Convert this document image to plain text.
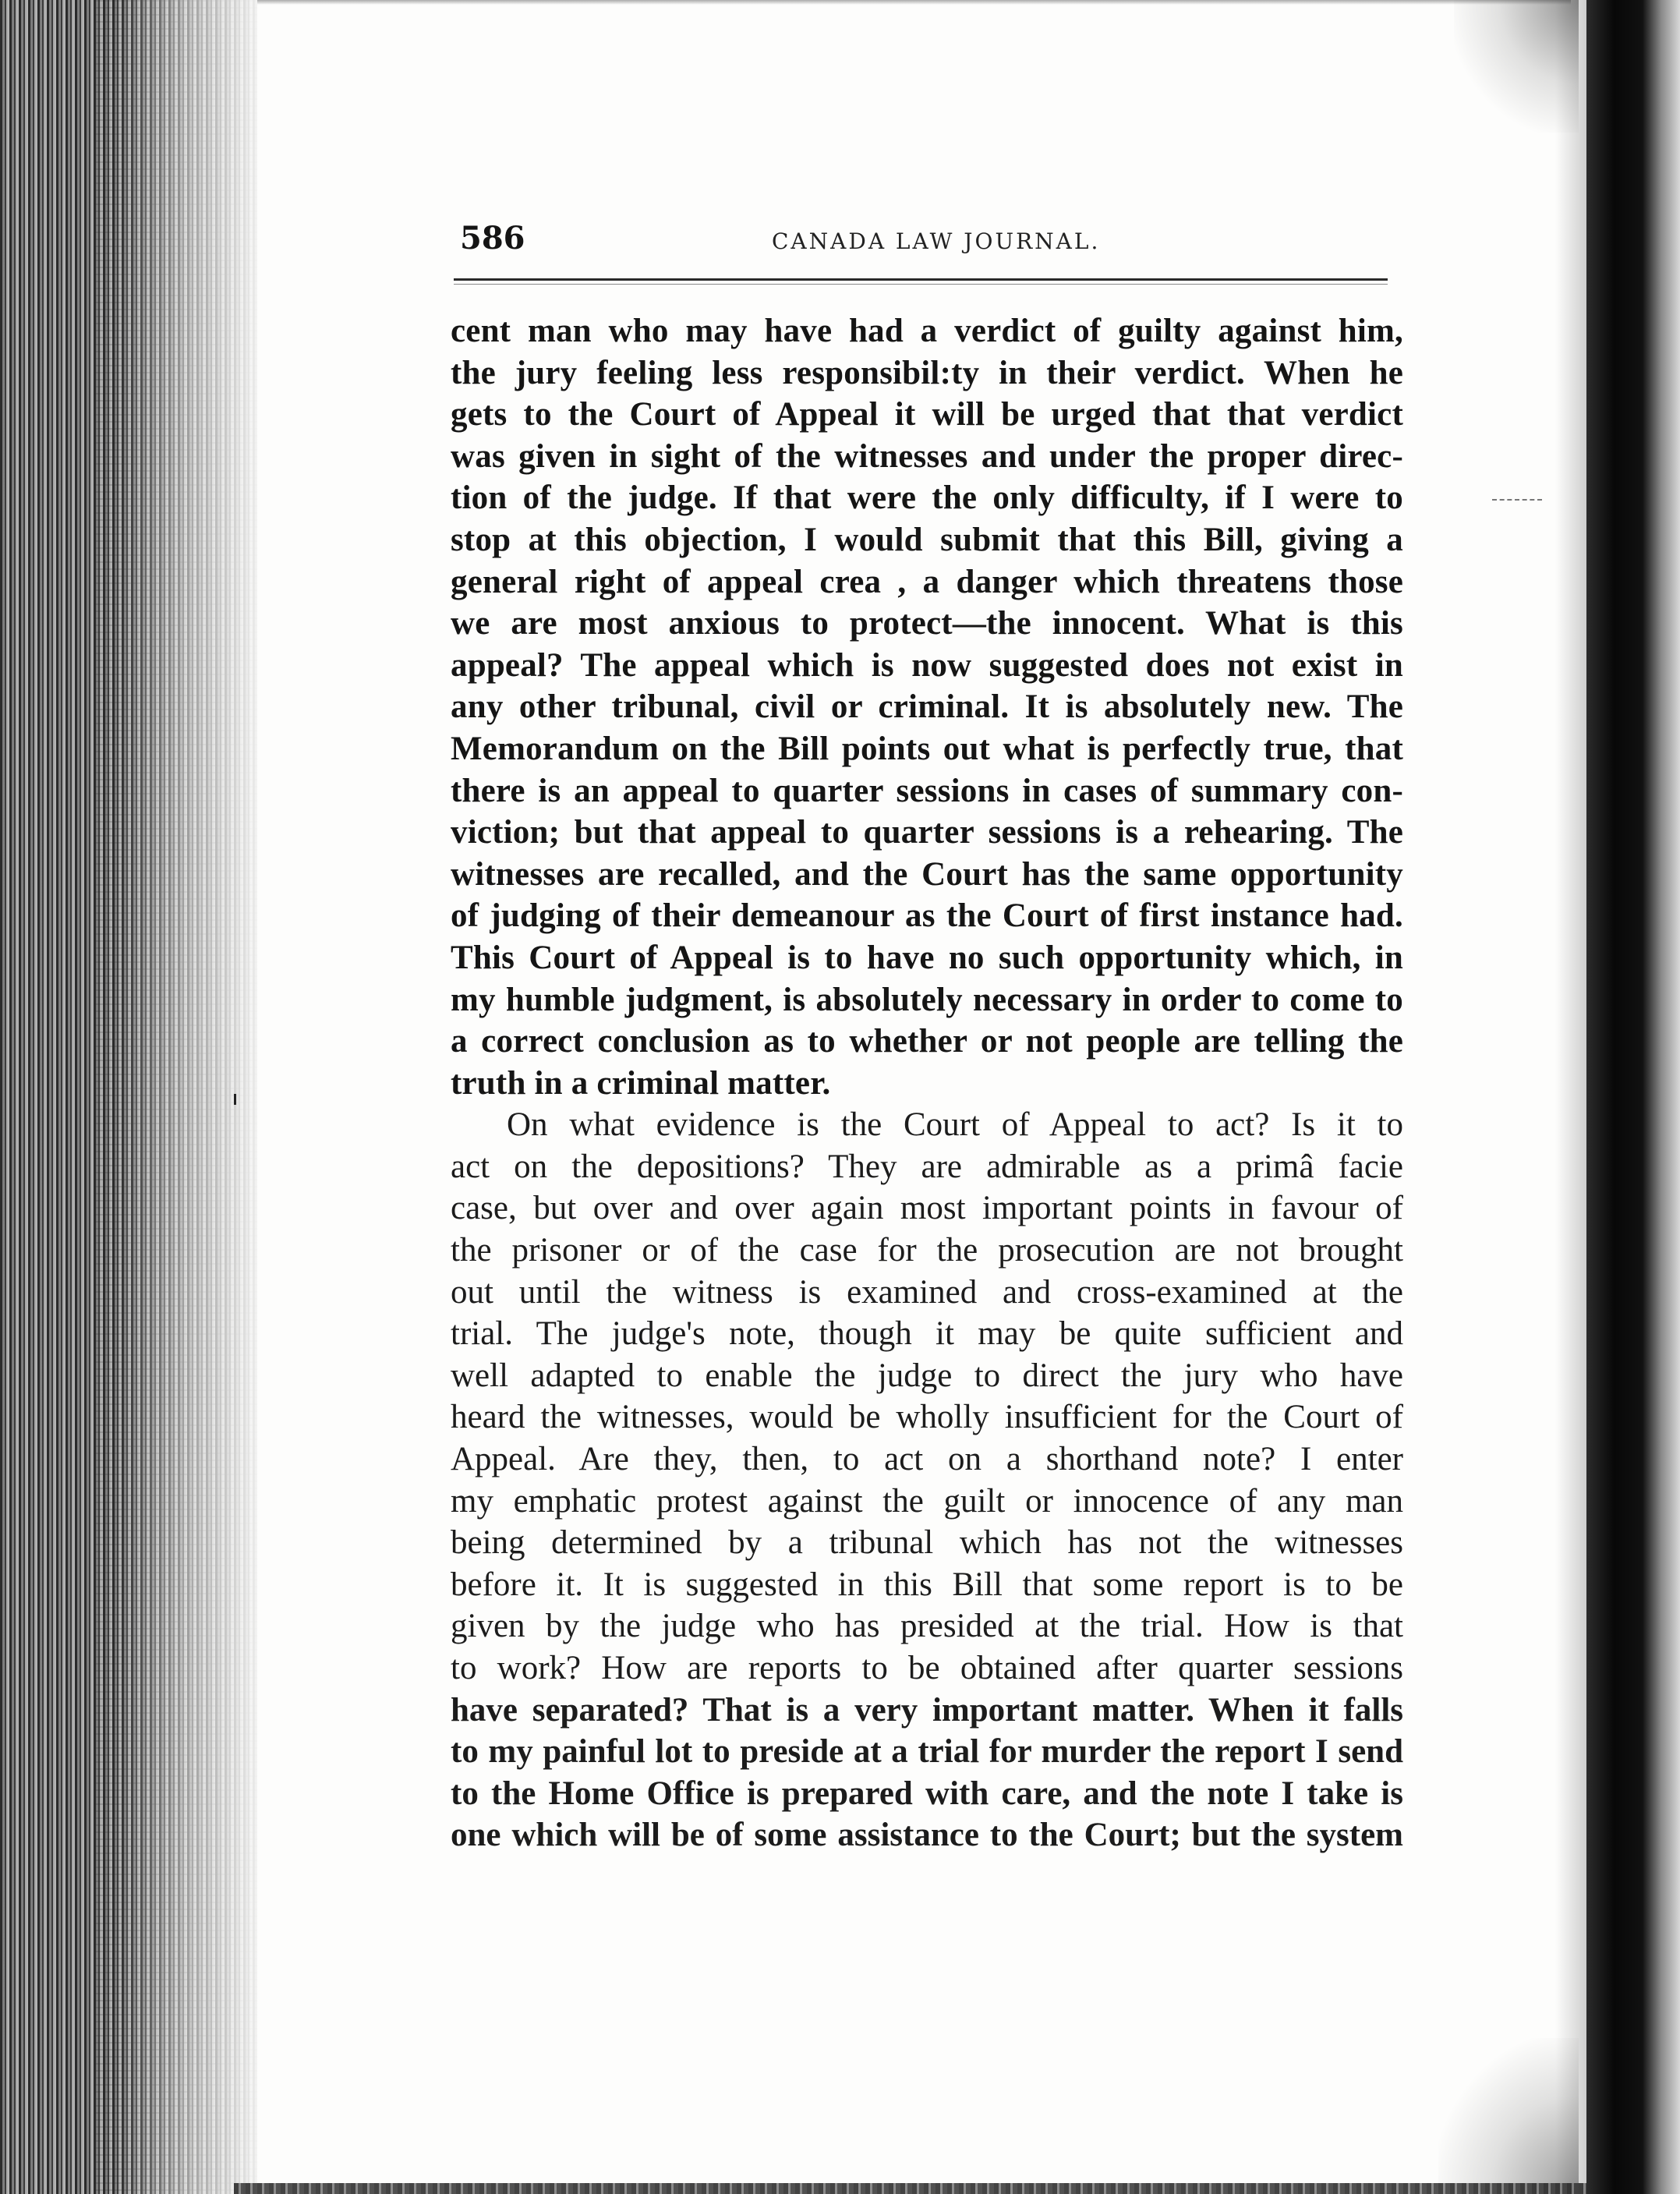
586	CANADA LAW JOURNAL.
cent man who may have had a verdict of guilty against him,
the jury feeling less responsibil:ty in their verdict. When he
gets to the Court of Appeal it will be urged that that verdict
was given in sight of the witnesses and under the proper direc-
tion of the judge. If that were the only difficulty, if I were to
stop at this objection, I would submit that this Bill, giving a
general right of appeal crea , a danger which threatens those
we are most anxious to protect—the innocent. What is this
appeal? The appeal which is now suggested does not exist in
any other tribunal, civil or criminal. It is absolutely new. The
Memorandum on the Bill points out what is perfectly true, that
there is an appeal to quarter sessions in cases of summary con-
viction; but that appeal to quarter sessions is a rehearing. The
witnesses are recalled, and the Court has the same opportunity
of judging of their demeanour as the Court of first instance had.
This Court of Appeal is to have no such opportunity which, in
my humble judgment, is absolutely necessary in order to come to
a correct conclusion as to whether or not people are telling the
truth in a criminal matter.
On what evidence is the Court of Appeal to act? Is it to
act on the depositions? They are admirable as a primâ facie
case, but over and over again most important points in favour of
the prisoner or of the case for the prosecution are not brought
out until the witness is examined and cross-examined at the
trial. The judge's note, though it may be quite sufficient and
well adapted to enable the judge to direct the jury who have
heard the witnesses, would be wholly insufficient for the Court of
Appeal. Are they, then, to act on a shorthand note? I enter
my emphatic protest against the guilt or innocence of any man
being determined by a tribunal which has not the witnesses
before it. It is suggested in this Bill that some report is to be
given by the judge who has presided at the trial. How is that
to work? How are reports to be obtained after quarter sessions
have separated? That is a very important matter. When it falls
to my painful lot to preside at a trial for murder the report I send
to the Home Office is prepared with care, and the note I take is
one which will be of some assistance to the Court; but the system
